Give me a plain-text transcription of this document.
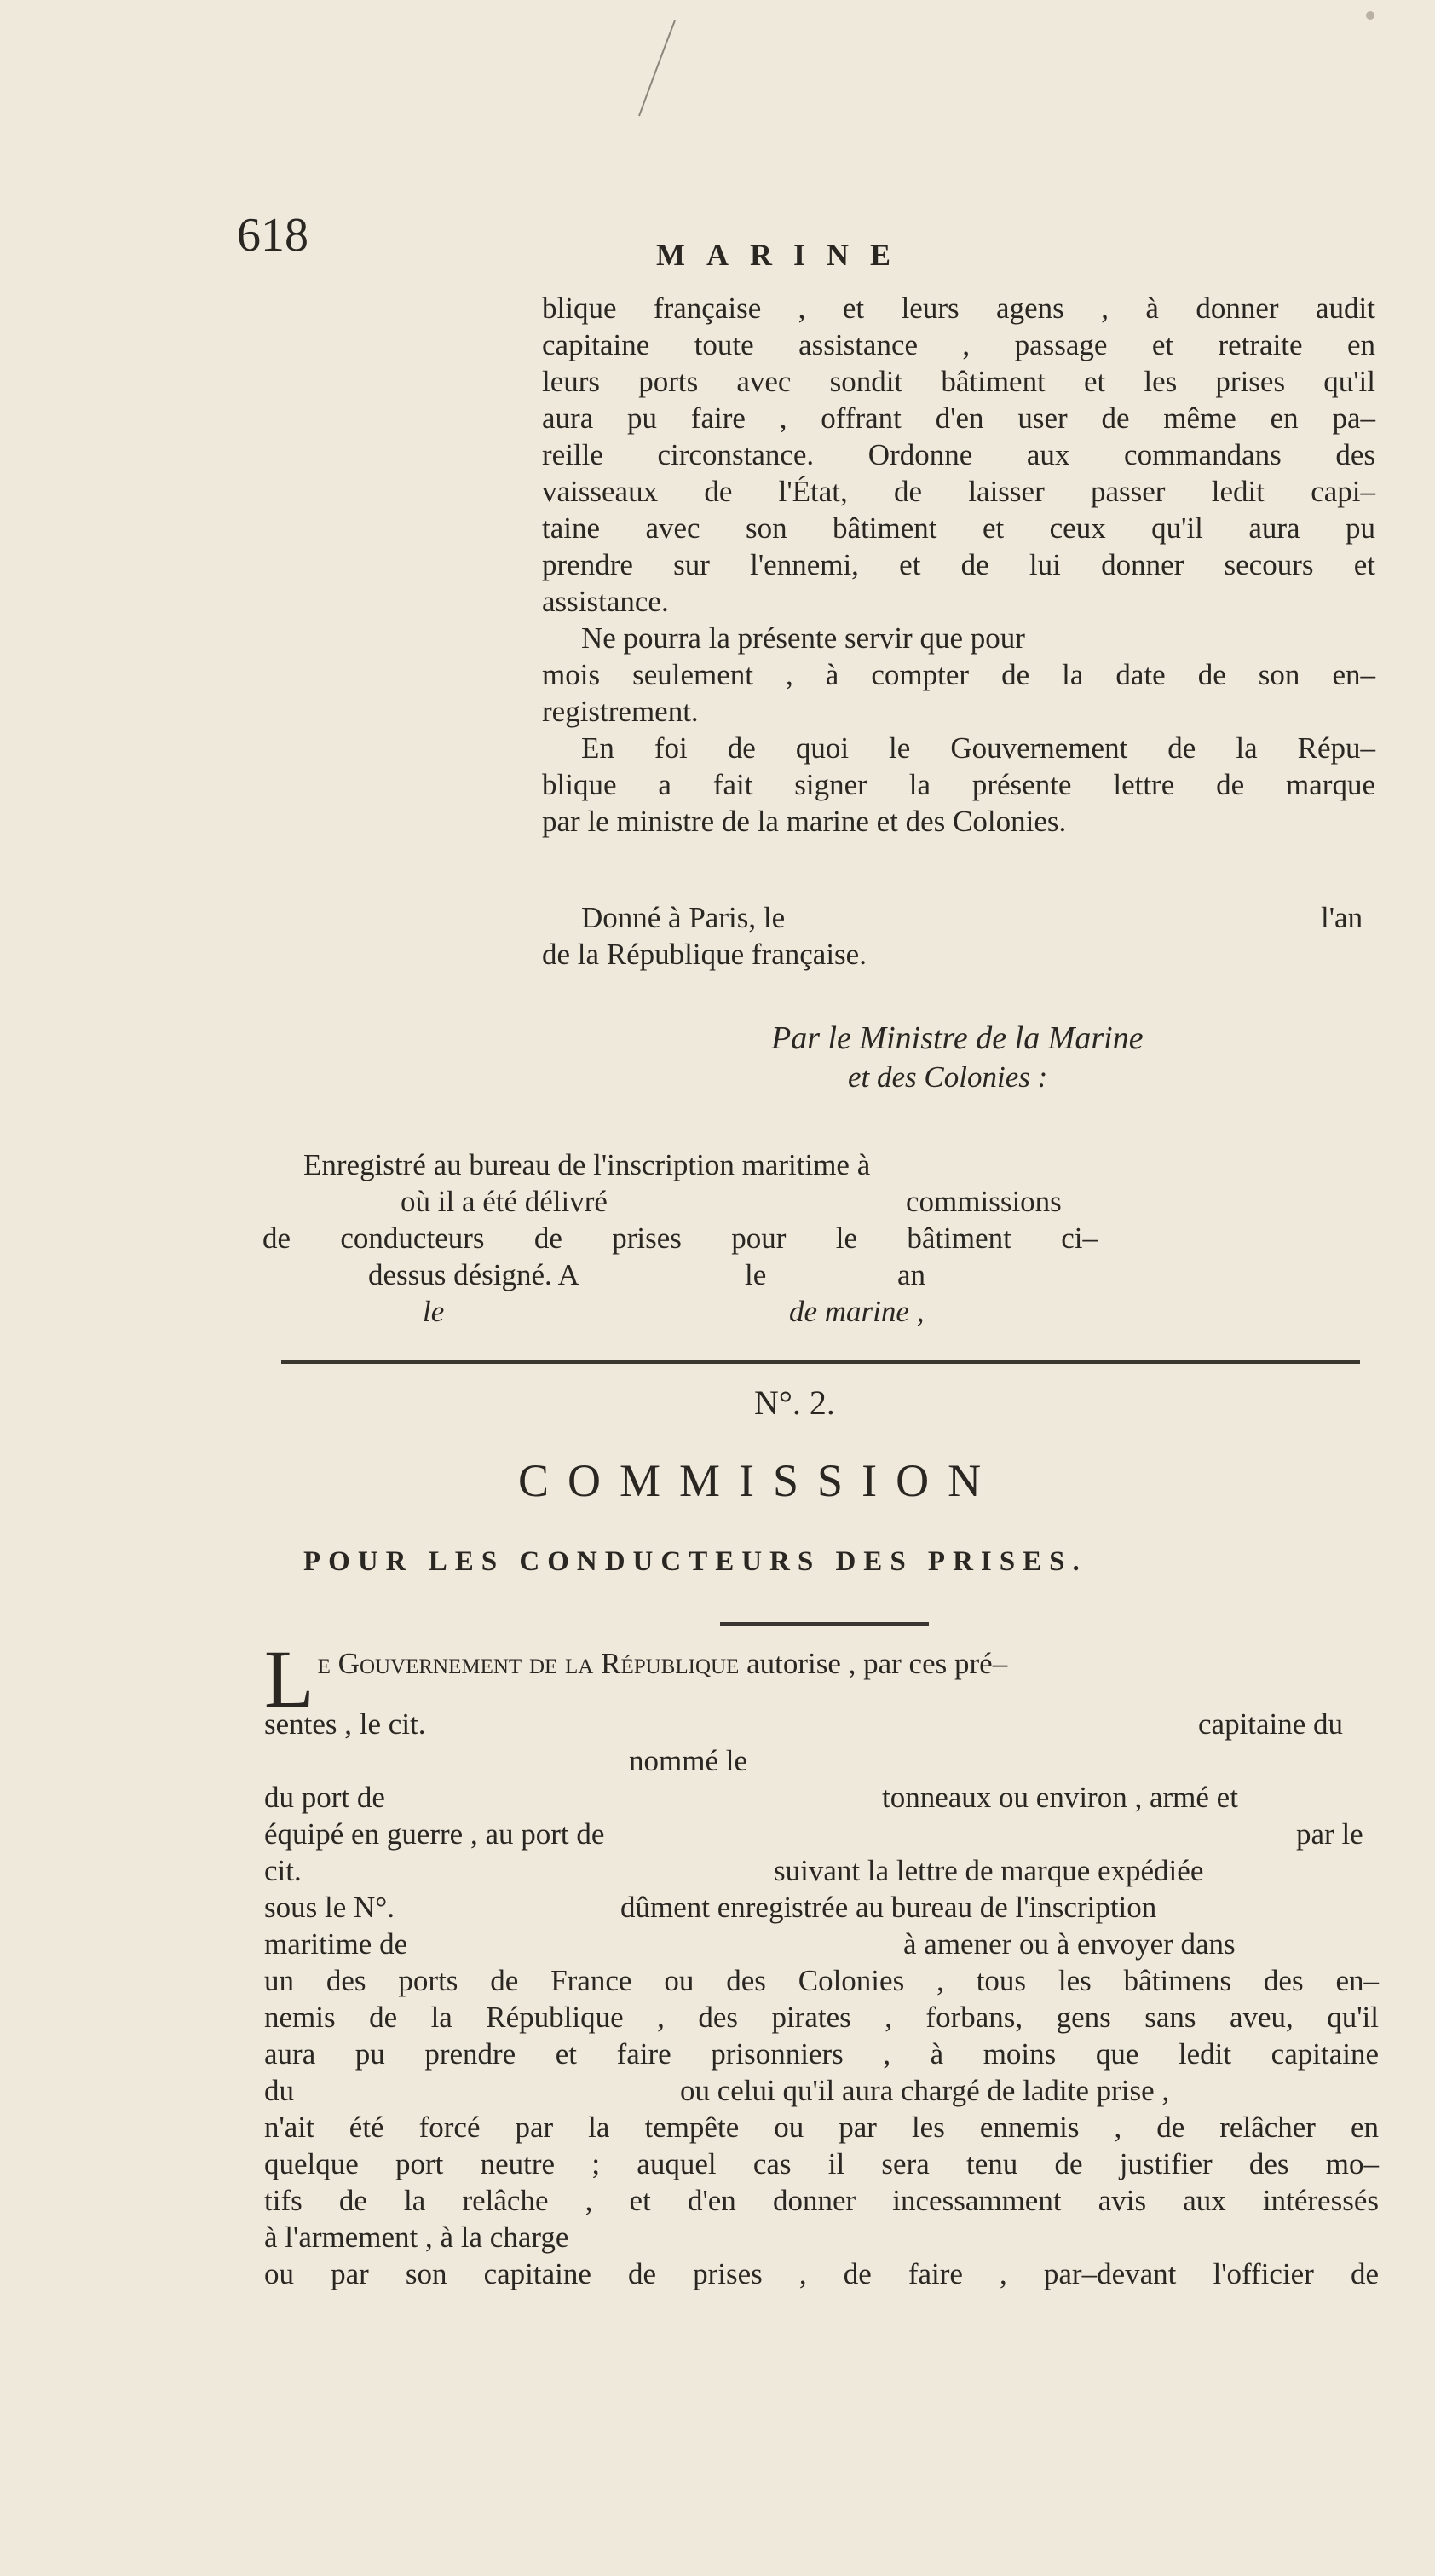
618	MARINE
blique française , et leurs agens , à donner audit
capitaine toute assistance , passage et retraite en
leurs ports avec sondit bâtiment et les prises qu'il
aura pu faire , offrant d'en user de même en pa–
reille circonstance. Ordonne aux commandans des
vaisseaux de l'État, de laisser passer ledit capi–
taine avec son bâtiment et ceux qu'il aura pu
prendre sur l'ennemi, et de lui donner secours et
assistance.
Ne pourra la présente servir que pour
mois seulement , à compter de la date de son en–
registrement.
En foi de quoi le Gouvernement de la Répu–
blique a fait signer la présente lettre de marque
par le ministre de la marine et des Colonies.
Donné à Paris, le	l'an
de la République française.
Par le Ministre de la Marine
et des Colonies :
Enregistré au bureau de l'inscription maritime à
où il a été délivré	commissions
de conducteurs de prises pour le bâtiment ci–
dessus désigné. A	le	an
le	de marine ,
N°. 2.
COMMISSION
POUR LES CONDUCTEURS DES PRISES.
Le Gouvernement de la République autorise , par ces pré–
sentes , le cit.	capitaine du
nommé le
du port de	tonneaux ou environ , armé et
équipé en guerre , au port de	par le
cit.	suivant la lettre de marque expédiée
sous le N°.	dûment enregistrée au bureau de l'inscription
maritime de	à amener ou à envoyer dans
un des ports de France ou des Colonies , tous les bâtimens des en–
nemis de la République , des pirates , forbans, gens sans aveu, qu'il
aura pu prendre et faire prisonniers , à moins que ledit capitaine
du	ou celui qu'il aura chargé de ladite prise ,
n'ait été forcé par la tempête ou par les ennemis , de relâcher en
quelque port neutre ; auquel cas il sera tenu de justifier des mo–
tifs de la relâche , et d'en donner incessamment avis aux intéressés
à l'armement , à la charge
ou par son capitaine de prises , de faire , par–devant l'officier de
